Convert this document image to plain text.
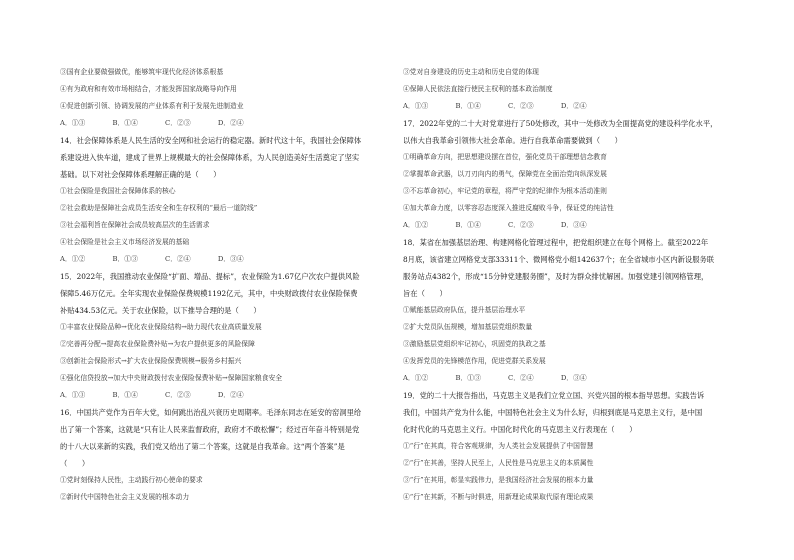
③国有企业要做强做优，能够筑牢现代化经济体系根基
④有为政府和有效市场相结合，才能发挥国家战略导向作用
④促进创新引领、协调发展的产业体系有利于发展先进制造业
A．①③　　　　B．①④　　　　C．②③　　　　D．②④
14．社会保障体系是人民生活的安全网和社会运行的稳定器。新时代这十年，我国社会保障体
系建设进入快车道，建成了世界上规模最大的社会保障体系，为人民创造美好生活奠定了坚实
基础。以下对社会保障体系理解正确的是（　　）
①社会保险是我国社会保障体系的核心
②社会救助是保障社会成员生活安全和生存权利的“最后一道防线”
③社会福利旨在保障社会成员较高层次的生活需求
④社会保险是社会主义市场经济发展的基础
A．①②　　　　B．①③　　　　C．②④　　　　D．③④
15．2022年，我国推动农业保险“扩面、增品、提标”，农业保险为1.67亿户次农户提供风险
保障5.46万亿元。全年实现农业保险保费规模1192亿元，其中，中央财政拨付农业保险保费
补贴434.53亿元。关于农业保险，以下推导合理的是（　　）
①丰富农业保险品种→优化农业保险结构→助力现代农业高质量发展
②完善再分配→提高农业保险费补贴→为农户提供更多的风险保障
③创新社会保险形式→扩大农业保险保费规模→服务乡村振兴
④强化信贷投放→加大中央财政拨付农业保险保费补贴→保障国家粮食安全
A．①③　　　　B．①④　　　　C．②③　　　　D．②④
16．中国共产党作为百年大党，如何跳出治乱兴衰历史周期率。毛泽东同志在延安的窑洞里给
出了第一个答案，这就是“只有让人民来监督政府，政府才不敢松懈”；经过百年奋斗特别是党
的十八大以来新的实践，我们党又给出了第二个答案，这就是自我革命。这“两个答案”是
（　　）
①党时刻保持人民性，主动践行初心使命的要求
②新时代中国特色社会主义发展的根本动力
③党对自身建设的历史主动和历史自觉的体现
④保障人民依法直接行使民主权利的基本政治制度
A．①③　　　　B．①④　　　　C．②③　　　　D．②④
17．2022年党的二十大对党章进行了50处修改，其中一处修改为全面提高党的建设科学化水平，
以伟大自我革命引领伟大社会革命。进行自我革命需要做到（　　）
①明确革命方向，把思想建设摆在首位，强化党员干部理想信念教育
②掌握革命武器，以刀刃向内的勇气，保障党在全面治党向纵深发展
③不忘革命初心，牢记党的章程，将严守党的纪律作为根本活动准则
④加大革命力度，以零容忍态度深入推进反腐败斗争，保证党的纯洁性
A．①②　　　　B．①④　　　　C．②③　　　　D．③④
18．某省在加强基层治理、构建网格化管理过程中，把党组织建立在每个网格上。截至2022年
8月底，该省建立网格党支部33311个、微网格党小组142637个；在全省城市小区内新设服务联
服务站点4382个，形成“15分钟党建服务圈”，及时为群众排忧解困。加强党建引领网格管理，
旨在（　　）
①赋能基层政府队伍，提升基层治理水平
②扩大党员队伍规模，增加基层党组织数量
③激励基层党组织牢记初心，巩固党的执政之基
④发挥党员的先锋模范作用，促进党群关系发展
A．①②　　　　B．①③　　　　C．②④　　　　D．③④
19．党的二十大报告指出，马克思主义是我们立党立国、兴党兴国的根本指导思想。实践告诉
我们，中国共产党为什么能，中国特色社会主义为什么好，归根到底是马克思主义行，是中国
化时代化的马克思主义行。中国化时代化的马克思主义行表现在（　　）
①“行”在其真，符合客观规律，为人类社会发展提供了中国智慧
②“行”在其善，坚持人民至上，人民性是马克思主义的本质属性
③“行”在其用，彰显实践伟力，是我国经济社会发展的根本力量
④“行”在其新，不断与时俱进，用新理论成果取代原有理论成果
